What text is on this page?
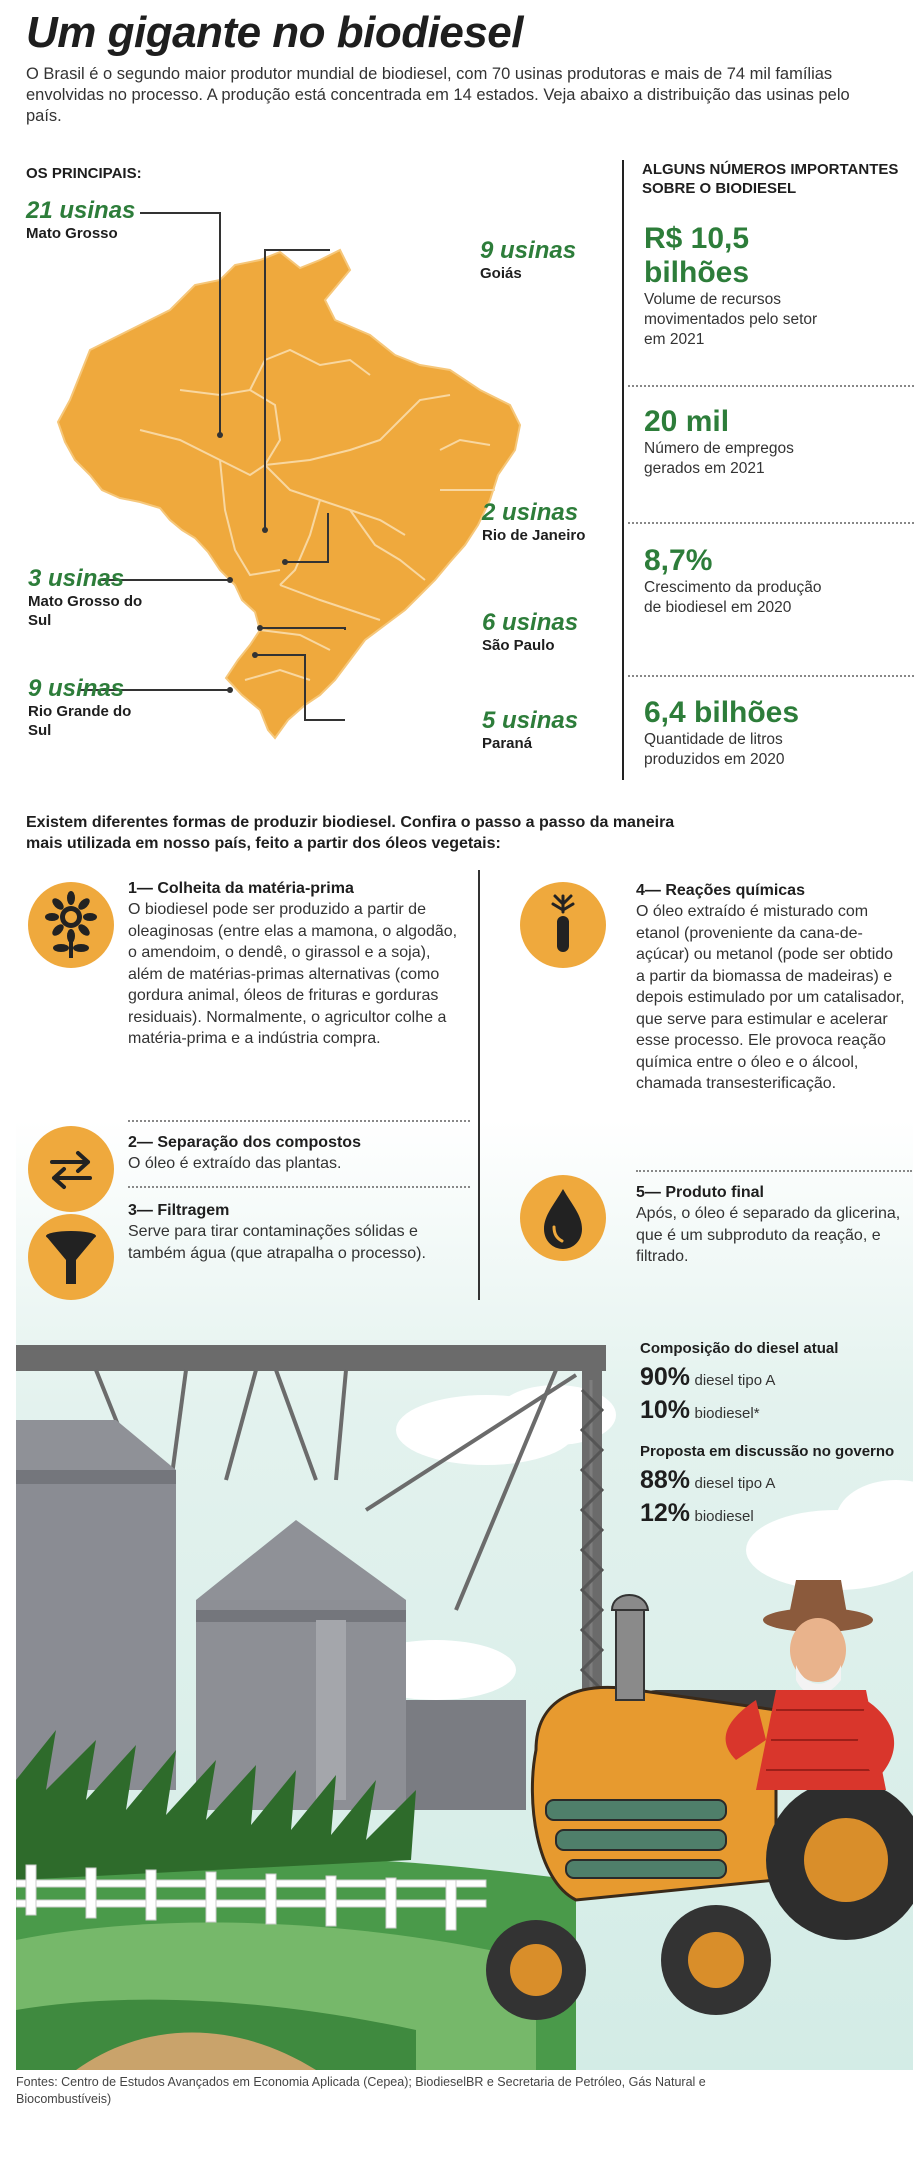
Um gigante no biodiesel
O Brasil é o segundo maior produtor mundial de biodiesel, com 70 usinas produtoras e mais de 74 mil famílias envolvidas no processo. A produção está concentrada em 14 estados. Veja abaixo a distribuição das usinas pelo país.
OS PRINCIPAIS:
21 usinas
Mato Grosso
9 usinas
Goiás
2 usinas
Rio de Janeiro
3 usinas
Mato Grosso do Sul	6 usinas
São Paulo
9 usinas
Rio Grande do Sul	5 usinas
Paraná
ALGUNS NÚMEROS IMPORTANTES SOBRE O BIODIESEL
R$ 10,5 bilhões
Volume de recursos movimentados pelo setor em 2021
20 mil
Número de empregos gerados em 2021
8,7%
Crescimento da produção de biodiesel em 2020
6,4 bilhões
Quantidade de litros produzidos em 2020
Existem diferentes formas de produzir biodiesel. Confira o passo a passo da maneira mais utilizada em nosso país, feito a partir dos óleos vegetais:
1— Colheita da matéria-prima
O biodiesel pode ser produzido a partir de oleaginosas (entre elas a mamona, o algodão, o amendoim, o dendê, o girassol e a soja), além de matérias-primas alternativas (como gordura animal, óleos de frituras e gorduras residuais). Normalmente, o agricultor colhe a matéria-prima e a indústria compra.
2— Separação dos compostos
O óleo é extraído das plantas.
3— Filtragem
Serve para tirar contaminações sólidas e também água (que atrapalha o processo).
4— Reações químicas
O óleo extraído é misturado com etanol (proveniente da cana-de-açúcar) ou metanol (pode ser obtido a partir da biomassa de madeiras) e depois estimulado por um catalisador, que serve para estimular e acelerar esse processo. Ele provoca reação química entre o óleo e o álcool, chamada transesterificação.
5— Produto final
Após, o óleo é separado da glicerina, que é um subproduto da reação, e filtrado.
Composição do diesel atual
90% diesel tipo A
10% biodiesel*
Proposta em discussão no governo
88% diesel tipo A
12% biodiesel
Fontes: Centro de Estudos Avançados em Economia Aplicada (Cepea); BiodieselBR e Secretaria de Petróleo, Gás Natural e Biocombustíveis)
